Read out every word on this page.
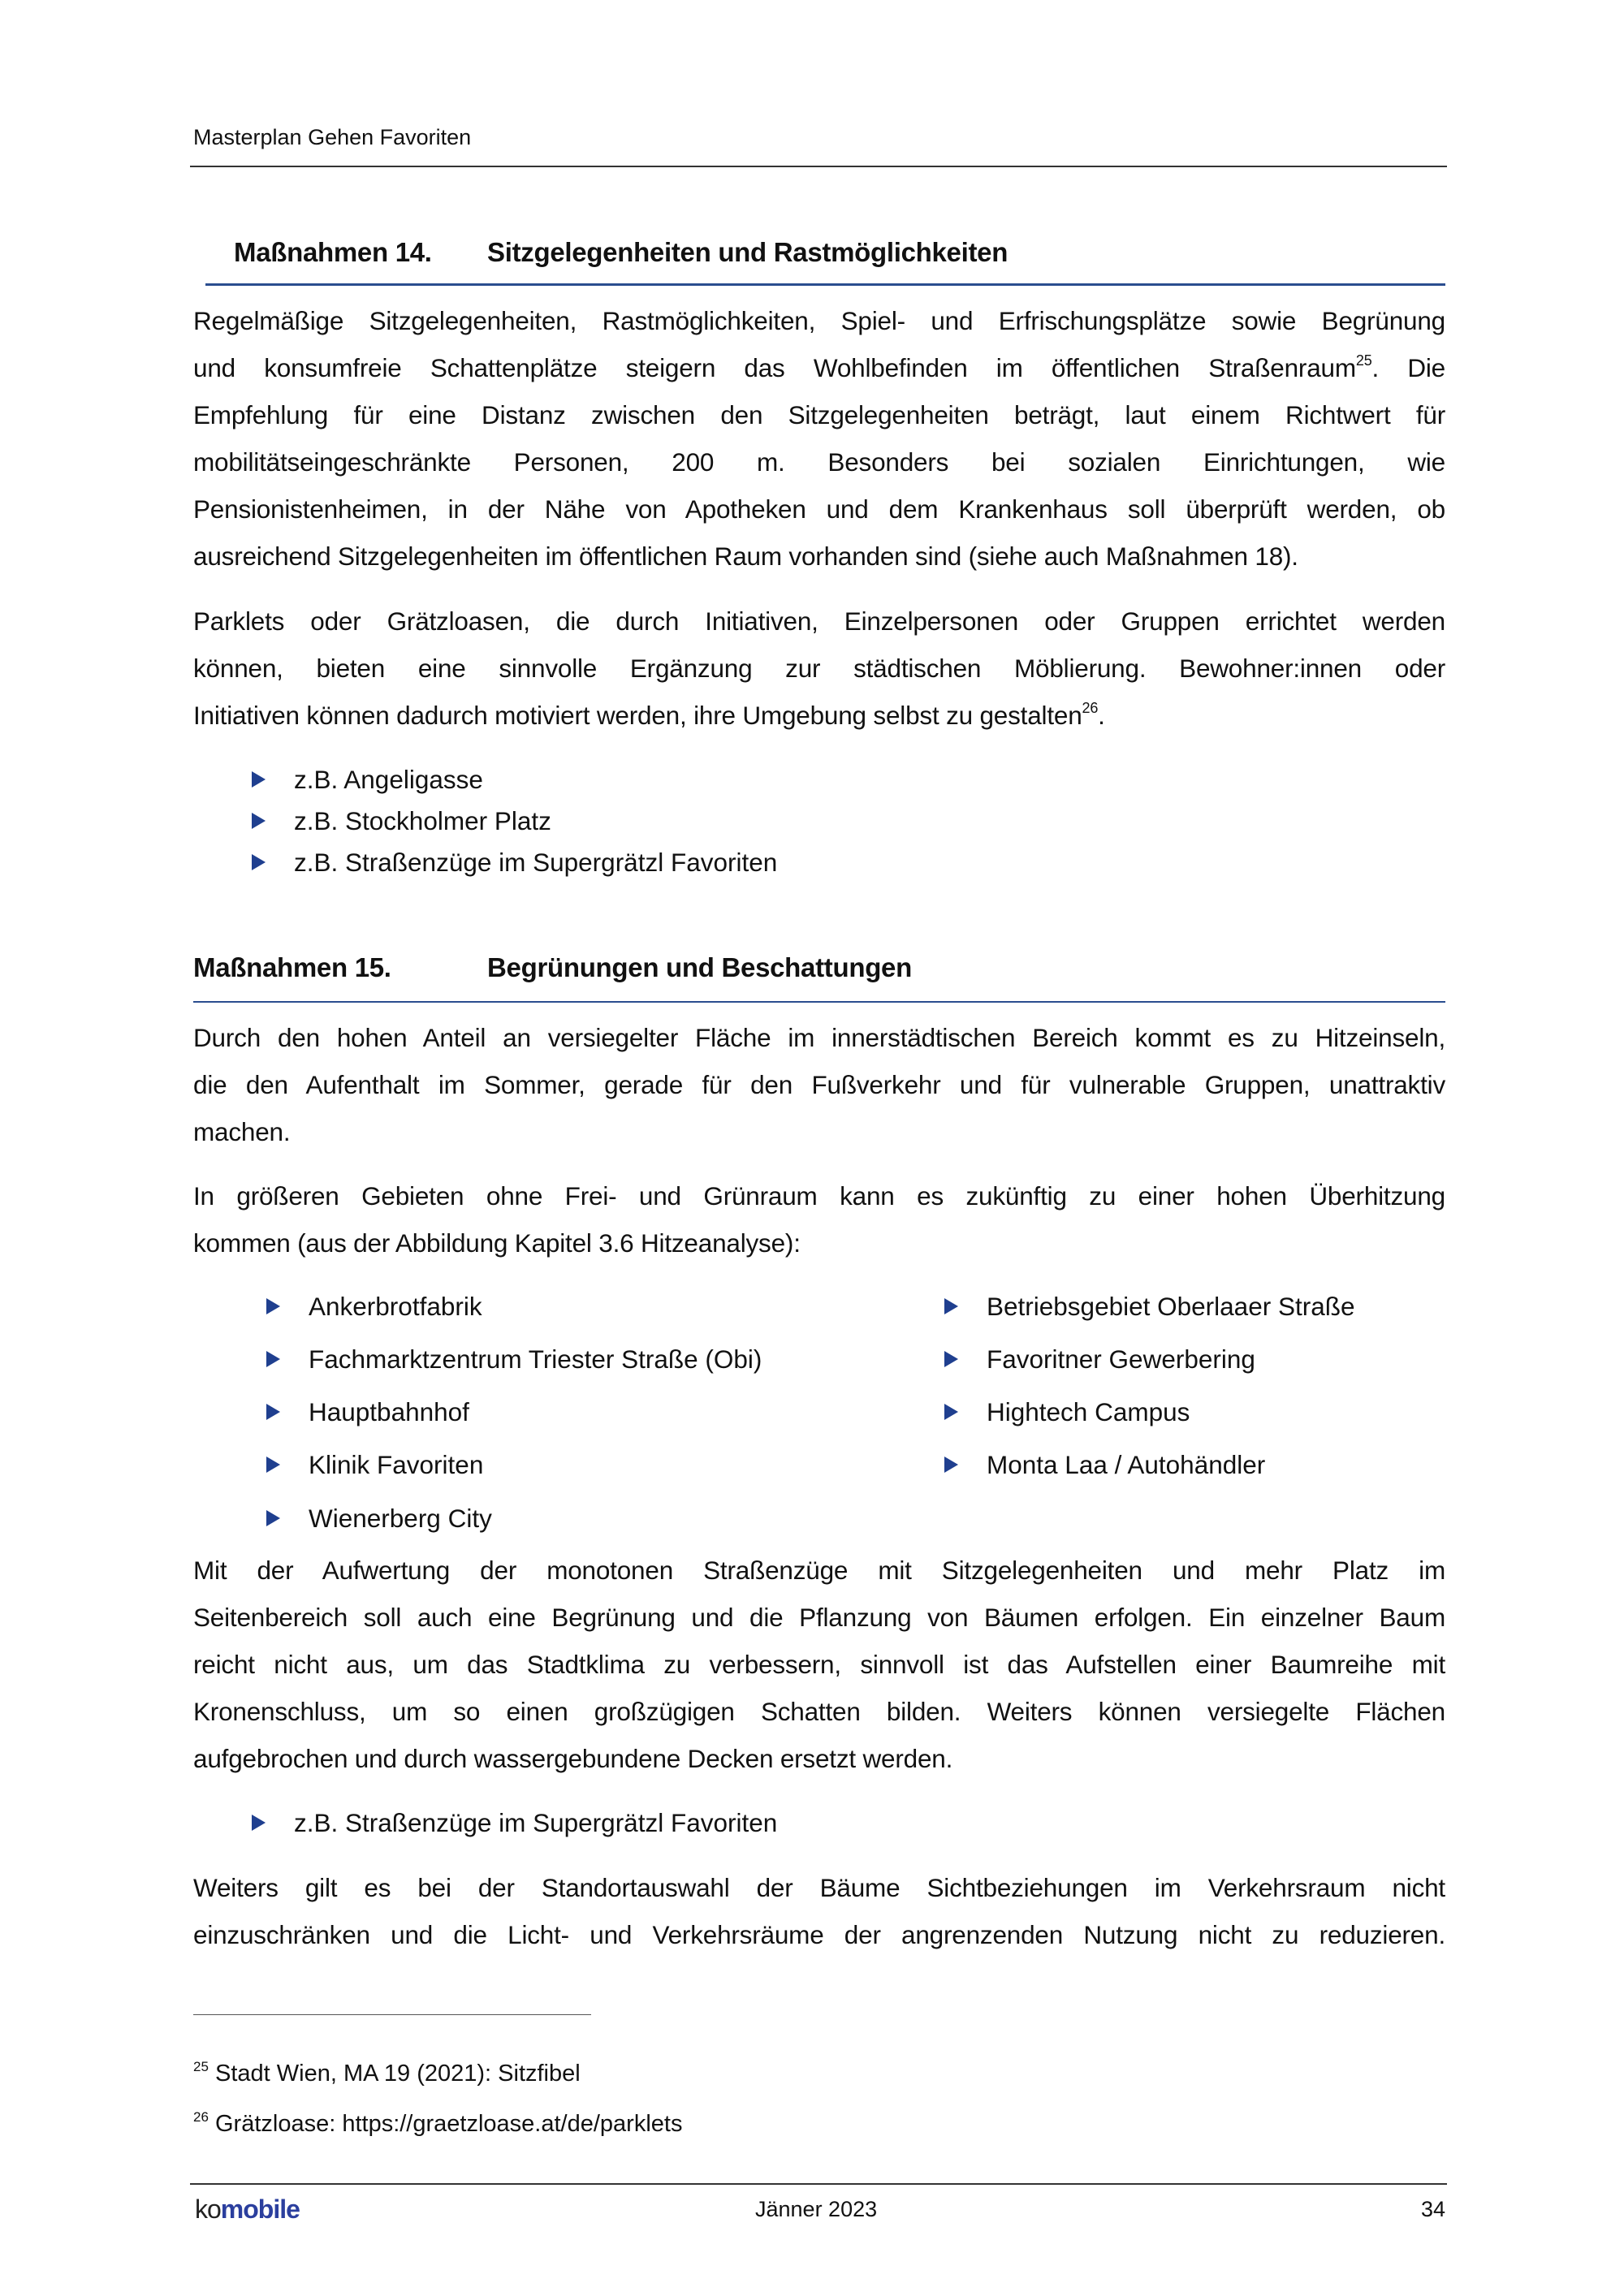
Masterplan Gehen Favoriten
Maßnahmen 14. Sitzgelegenheiten und Rastmöglichkeiten
Regelmäßige Sitzgelegenheiten, Rastmöglichkeiten, Spiel- und Erfrischungsplätze sowie Begrünung
und konsumfreie Schattenplätze steigern das Wohlbefinden im öffentlichen Straßenraum$^{25}$. Die
Empfehlung für eine Distanz zwischen den Sitzgelegenheiten beträgt, laut einem Richtwert für
mobilitätseingeschränkte Personen, 200 m. Besonders bei sozialen Einrichtungen, wie
Pensionistenheimen, in der Nähe von Apotheken und dem Krankenhaus soll überprüft werden, ob
ausreichend Sitzgelegenheiten im öffentlichen Raum vorhanden sind (siehe auch Maßnahmen 18).
Parklets oder Grätzloasen, die durch Initiativen, Einzelpersonen oder Gruppen errichtet werden
können, bieten eine sinnvolle Ergänzung zur städtischen Möblierung. Bewohner:innen oder
Initiativen können dadurch motiviert werden, ihre Umgebung selbst zu gestalten$^{26}$.
z.B. Angeligasse
z.B. Stockholmer Platz
z.B. Straßenzüge im Supergrätzl Favoriten
Maßnahmen 15.	Begrünungen und Beschattungen
Durch den hohen Anteil an versiegelter Fläche im innerstädtischen Bereich kommt es zu Hitzeinseln,
die den Aufenthalt im Sommer, gerade für den Fußverkehr und für vulnerable Gruppen, unattraktiv
machen.
In größeren Gebieten ohne Frei- und Grünraum kann es zukünftig zu einer hohen Überhitzung
kommen (aus der Abbildung Kapitel 3.6 Hitzeanalyse):
Ankerbrotfabrik
Fachmarktzentrum Triester Straße (Obi)
Hauptbahnhof
Klinik Favoriten
Wienerberg City
Betriebsgebiet Oberlaaer Straße
Favoritner Gewerbering
Hightech Campus
Monta Laa / Autohändler
Mit der Aufwertung der monotonen Straßenzüge mit Sitzgelegenheiten und mehr Platz im
Seitenbereich soll auch eine Begrünung und die Pflanzung von Bäumen erfolgen. Ein einzelner Baum
reicht nicht aus, um das Stadtklima zu verbessern, sinnvoll ist das Aufstellen einer Baumreihe mit
Kronenschluss, um so einen großzügigen Schatten bilden. Weiters können versiegelte Flächen
aufgebrochen und durch wassergebundene Decken ersetzt werden.
z.B. Straßenzüge im Supergrätzl Favoriten
Weiters gilt es bei der Standortauswahl der Bäume Sichtbeziehungen im Verkehrsraum nicht
einzuschränken und die Licht- und Verkehrsräume der angrenzenden Nutzung nicht zu reduzieren.
$^{25}$ Stadt Wien, MA 19 (2021): Sitzfibel
$^{26}$ Grätzloase: https://graetzloase.at/de/parklets
komobile	Jänner 2023	34
